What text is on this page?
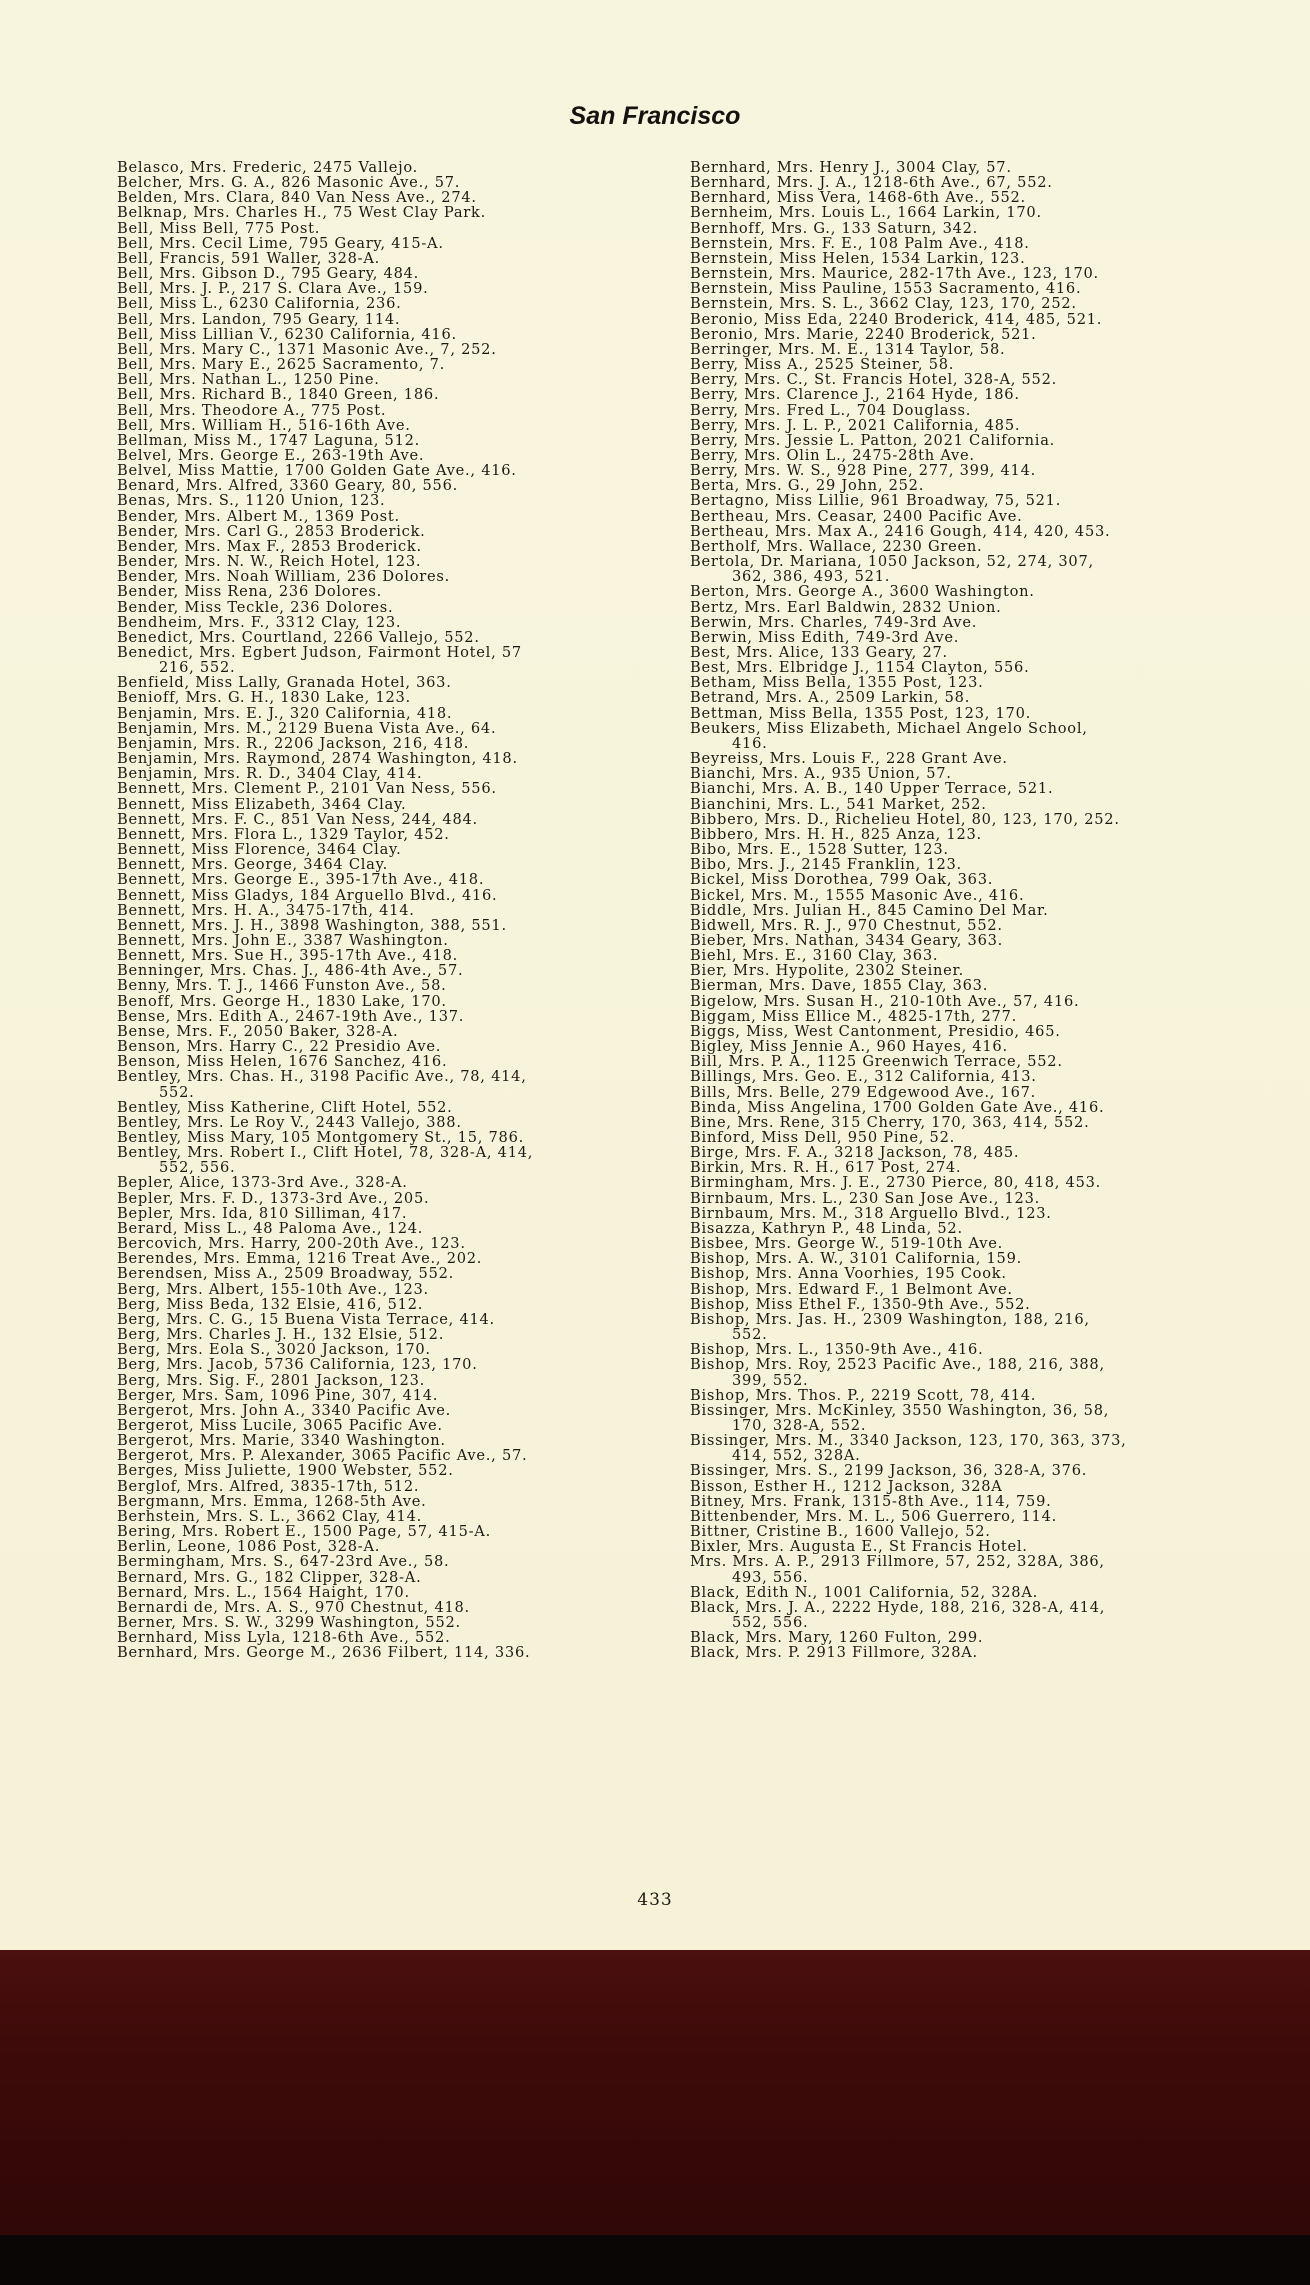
San Francisco
Belasco, Mrs. Frederic, 2475 Vallejo.
Belcher, Mrs. G. A., 826 Masonic Ave., 57.
Belden, Mrs. Clara, 840 Van Ness Ave., 274.
Belknap, Mrs. Charles H., 75 West Clay Park.
Bell, Miss Bell, 775 Post.
Bell, Mrs. Cecil Lime, 795 Geary, 415-A.
Bell, Francis, 591 Waller, 328-A.
Bell, Mrs. Gibson D., 795 Geary, 484.
Bell, Mrs. J. P., 217 S. Clara Ave., 159.
Bell, Miss L., 6230 California, 236.
Bell, Mrs. Landon, 795 Geary, 114.
Bell, Miss Lillian V., 6230 California, 416.
Bell, Mrs. Mary C., 1371 Masonic Ave., 7, 252.
Bell, Mrs. Mary E., 2625 Sacramento, 7.
Bell, Mrs. Nathan L., 1250 Pine.
Bell, Mrs. Richard B., 1840 Green, 186.
Bell, Mrs. Theodore A., 775 Post.
Bell, Mrs. William H., 516-16th Ave.
Bellman, Miss M., 1747 Laguna, 512.
Belvel, Mrs. George E., 263-19th Ave.
Belvel, Miss Mattie, 1700 Golden Gate Ave., 416.
Benard, Mrs. Alfred, 3360 Geary, 80, 556.
Benas, Mrs. S., 1120 Union, 123.
Bender, Mrs. Albert M., 1369 Post.
Bender, Mrs. Carl G., 2853 Broderick.
Bender, Mrs. Max F., 2853 Broderick.
Bender, Mrs. N. W., Reich Hotel, 123.
Bender, Mrs. Noah William, 236 Dolores.
Bender, Miss Rena, 236 Dolores.
Bender, Miss Teckle, 236 Dolores.
Bendheim, Mrs. F., 3312 Clay, 123.
Benedict, Mrs. Courtland, 2266 Vallejo, 552.
Benedict, Mrs. Egbert Judson, Fairmont Hotel, 57
216, 552.
Benfield, Miss Lally, Granada Hotel, 363.
Benioff, Mrs. G. H., 1830 Lake, 123.
Benjamin, Mrs. E. J., 320 California, 418.
Benjamin, Mrs. M., 2129 Buena Vista Ave., 64.
Benjamin, Mrs. R., 2206 Jackson, 216, 418.
Benjamin, Mrs. Raymond, 2874 Washington, 418.
Benjamin, Mrs. R. D., 3404 Clay, 414.
Bennett, Mrs. Clement P., 2101 Van Ness, 556.
Bennett, Miss Elizabeth, 3464 Clay.
Bennett, Mrs. F. C., 851 Van Ness, 244, 484.
Bennett, Mrs. Flora L., 1329 Taylor, 452.
Bennett, Miss Florence, 3464 Clay.
Bennett, Mrs. George, 3464 Clay.
Bennett, Mrs. George E., 395-17th Ave., 418.
Bennett, Miss Gladys, 184 Arguello Blvd., 416.
Bennett, Mrs. H. A., 3475-17th, 414.
Bennett, Mrs. J. H., 3898 Washington, 388, 551.
Bennett, Mrs. John E., 3387 Washington.
Bennett, Mrs. Sue H., 395-17th Ave., 418.
Benninger, Mrs. Chas. J., 486-4th Ave., 57.
Benny, Mrs. T. J., 1466 Funston Ave., 58.
Benoff, Mrs. George H., 1830 Lake, 170.
Bense, Mrs. Edith A., 2467-19th Ave., 137.
Bense, Mrs. F., 2050 Baker, 328-A.
Benson, Mrs. Harry C., 22 Presidio Ave.
Benson, Miss Helen, 1676 Sanchez, 416.
Bentley, Mrs. Chas. H., 3198 Pacific Ave., 78, 414,
552.
Bentley, Miss Katherine, Clift Hotel, 552.
Bentley, Mrs. Le Roy V., 2443 Vallejo, 388.
Bentley, Miss Mary, 105 Montgomery St., 15, 786.
Bentley, Mrs. Robert I., Clift Hotel, 78, 328-A, 414,
552, 556.
Bepler, Alice, 1373-3rd Ave., 328-A.
Bepler, Mrs. F. D., 1373-3rd Ave., 205.
Bepler, Mrs. Ida, 810 Silliman, 417.
Berard, Miss L., 48 Paloma Ave., 124.
Bercovich, Mrs. Harry, 200-20th Ave., 123.
Berendes, Mrs. Emma, 1216 Treat Ave., 202.
Berendsen, Miss A., 2509 Broadway, 552.
Berg, Mrs. Albert, 155-10th Ave., 123.
Berg, Miss Beda, 132 Elsie, 416, 512.
Berg, Mrs. C. G., 15 Buena Vista Terrace, 414.
Berg, Mrs. Charles J. H., 132 Elsie, 512.
Berg, Mrs. Eola S., 3020 Jackson, 170.
Berg, Mrs. Jacob, 5736 California, 123, 170.
Berg, Mrs. Sig. F., 2801 Jackson, 123.
Berger, Mrs. Sam, 1096 Pine, 307, 414.
Bergerot, Mrs. John A., 3340 Pacific Ave.
Bergerot, Miss Lucile, 3065 Pacific Ave.
Bergerot, Mrs. Marie, 3340 Washington.
Bergerot, Mrs. P. Alexander, 3065 Pacific Ave., 57.
Berges, Miss Juliette, 1900 Webster, 552.
Berglof, Mrs. Alfred, 3835-17th, 512.
Bergmann, Mrs. Emma, 1268-5th Ave.
Berhstein, Mrs. S. L., 3662 Clay, 414.
Bering, Mrs. Robert E., 1500 Page, 57, 415-A.
Berlin, Leone, 1086 Post, 328-A.
Bermingham, Mrs. S., 647-23rd Ave., 58.
Bernard, Mrs. G., 182 Clipper, 328-A.
Bernard, Mrs. L., 1564 Haight, 170.
Bernardi de, Mrs. A. S., 970 Chestnut, 418.
Berner, Mrs. S. W., 3299 Washington, 552.
Bernhard, Miss Lyla, 1218-6th Ave., 552.
Bernhard, Mrs. George M., 2636 Filbert, 114, 336.
Bernhard, Mrs. Henry J., 3004 Clay, 57.
Bernhard, Mrs. J. A., 1218-6th Ave., 67, 552.
Bernhard, Miss Vera, 1468-6th Ave., 552.
Bernheim, Mrs. Louis L., 1664 Larkin, 170.
Bernhoff, Mrs. G., 133 Saturn, 342.
Bernstein, Mrs. F. E., 108 Palm Ave., 418.
Bernstein, Miss Helen, 1534 Larkin, 123.
Bernstein, Mrs. Maurice, 282-17th Ave., 123, 170.
Bernstein, Miss Pauline, 1553 Sacramento, 416.
Bernstein, Mrs. S. L., 3662 Clay, 123, 170, 252.
Beronio, Miss Eda, 2240 Broderick, 414, 485, 521.
Beronio, Mrs. Marie, 2240 Broderick, 521.
Berringer, Mrs. M. E., 1314 Taylor, 58.
Berry, Miss A., 2525 Steiner, 58.
Berry, Mrs. C., St. Francis Hotel, 328-A, 552.
Berry, Mrs. Clarence J., 2164 Hyde, 186.
Berry, Mrs. Fred L., 704 Douglass.
Berry, Mrs. J. L. P., 2021 California, 485.
Berry, Mrs. Jessie L. Patton, 2021 California.
Berry, Mrs. Olin L., 2475-28th Ave.
Berry, Mrs. W. S., 928 Pine, 277, 399, 414.
Berta, Mrs. G., 29 John, 252.
Bertagno, Miss Lillie, 961 Broadway, 75, 521.
Bertheau, Mrs. Ceasar, 2400 Pacific Ave.
Bertheau, Mrs. Max A., 2416 Gough, 414, 420, 453.
Bertholf, Mrs. Wallace, 2230 Green.
Bertola, Dr. Mariana, 1050 Jackson, 52, 274, 307,
362, 386, 493, 521.
Berton, Mrs. George A., 3600 Washington.
Bertz, Mrs. Earl Baldwin, 2832 Union.
Berwin, Mrs. Charles, 749-3rd Ave.
Berwin, Miss Edith, 749-3rd Ave.
Best, Mrs. Alice, 133 Geary, 27.
Best, Mrs. Elbridge J., 1154 Clayton, 556.
Betham, Miss Bella, 1355 Post, 123.
Betrand, Mrs. A., 2509 Larkin, 58.
Bettman, Miss Bella, 1355 Post, 123, 170.
Beukers, Miss Elizabeth, Michael Angelo School,
416.
Beyreiss, Mrs. Louis F., 228 Grant Ave.
Bianchi, Mrs. A., 935 Union, 57.
Bianchi, Mrs. A. B., 140 Upper Terrace, 521.
Bianchini, Mrs. L., 541 Market, 252.
Bibbero, Mrs. D., Richelieu Hotel, 80, 123, 170, 252.
Bibbero, Mrs. H. H., 825 Anza, 123.
Bibo, Mrs. E., 1528 Sutter, 123.
Bibo, Mrs. J., 2145 Franklin, 123.
Bickel, Miss Dorothea, 799 Oak, 363.
Bickel, Mrs. M., 1555 Masonic Ave., 416.
Biddle, Mrs. Julian H., 845 Camino Del Mar.
Bidwell, Mrs. R. J., 970 Chestnut, 552.
Bieber, Mrs. Nathan, 3434 Geary, 363.
Biehl, Mrs. E., 3160 Clay, 363.
Bier, Mrs. Hypolite, 2302 Steiner.
Bierman, Mrs. Dave, 1855 Clay, 363.
Bigelow, Mrs. Susan H., 210-10th Ave., 57, 416.
Biggam, Miss Ellice M., 4825-17th, 277.
Biggs, Miss, West Cantonment, Presidio, 465.
Bigley, Miss Jennie A., 960 Hayes, 416.
Bill, Mrs. P. A., 1125 Greenwich Terrace, 552.
Billings, Mrs. Geo. E., 312 California, 413.
Bills, Mrs. Belle, 279 Edgewood Ave., 167.
Binda, Miss Angelina, 1700 Golden Gate Ave., 416.
Bine, Mrs. Rene, 315 Cherry, 170, 363, 414, 552.
Binford, Miss Dell, 950 Pine, 52.
Birge, Mrs. F. A., 3218 Jackson, 78, 485.
Birkin, Mrs. R. H., 617 Post, 274.
Birmingham, Mrs. J. E., 2730 Pierce, 80, 418, 453.
Birnbaum, Mrs. L., 230 San Jose Ave., 123.
Birnbaum, Mrs. M., 318 Arguello Blvd., 123.
Bisazza, Kathryn P., 48 Linda, 52.
Bisbee, Mrs. George W., 519-10th Ave.
Bishop, Mrs. A. W., 3101 California, 159.
Bishop, Mrs. Anna Voorhies, 195 Cook.
Bishop, Mrs. Edward F., 1 Belmont Ave.
Bishop, Miss Ethel F., 1350-9th Ave., 552.
Bishop, Mrs. Jas. H., 2309 Washington, 188, 216,
552.
Bishop, Mrs. L., 1350-9th Ave., 416.
Bishop, Mrs. Roy, 2523 Pacific Ave., 188, 216, 388,
399, 552.
Bishop, Mrs. Thos. P., 2219 Scott, 78, 414.
Bissinger, Mrs. McKinley, 3550 Washington, 36, 58,
170, 328-A, 552.
Bissinger, Mrs. M., 3340 Jackson, 123, 170, 363, 373,
414, 552, 328A.
Bissinger, Mrs. S., 2199 Jackson, 36, 328-A, 376.
Bisson, Esther H., 1212 Jackson, 328A
Bitney, Mrs. Frank, 1315-8th Ave., 114, 759.
Bittenbender, Mrs. M. L., 506 Guerrero, 114.
Bittner, Cristine B., 1600 Vallejo, 52.
Bixler, Mrs. Augusta E., St Francis Hotel.
Mrs. Mrs. A. P., 2913 Fillmore, 57, 252, 328A, 386,
493, 556.
Black, Edith N., 1001 California, 52, 328A.
Black, Mrs. J. A., 2222 Hyde, 188, 216, 328-A, 414,
552, 556.
Black, Mrs. Mary, 1260 Fulton, 299.
Black, Mrs. P. 2913 Fillmore, 328A.
433
